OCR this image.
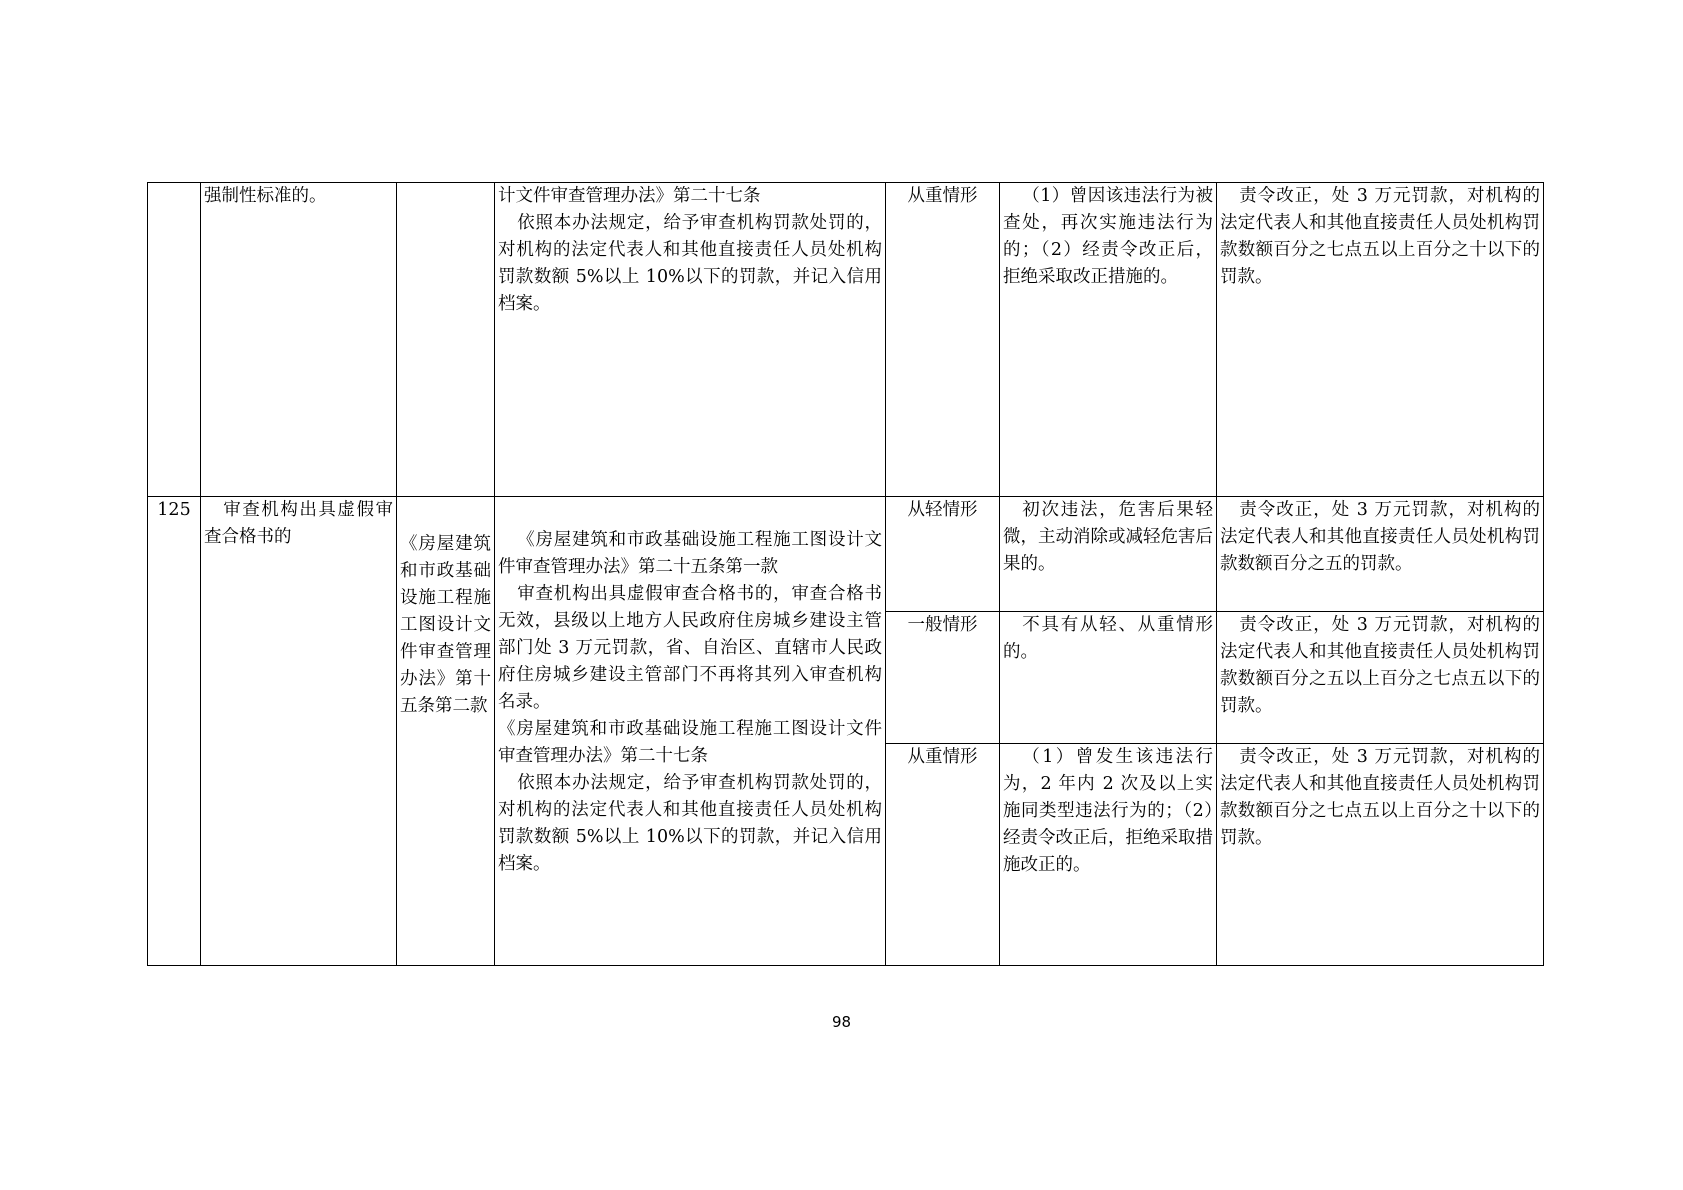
	强制性标准的。		计文件审查管理办法》第二十七条
依照本办法规定，给予审查机构罚款处罚的，对机构的法定代表人和其他直接责任人员处机构罚款数额 5%以上 10%以下的罚款，并记入信用档案。	从重情形	（1）曾因该违法行为被查处，再次实施违法行为的；（2）经责令改正后，拒绝采取改正措施的。	责令改正，处 3 万元罚款，对机构的法定代表人和其他直接责任人员处机构罚款数额百分之七点五以上百分之十以下的罚款。

125	审查机构出具虚假审查合格书的	《房屋建筑和市政基础设施工程施工图设计文件审查管理办法》第十五条第二款	《房屋建筑和市政基础设施工程施工图设计文件审查管理办法》第二十五条第一款
审查机构出具虚假审查合格书的，审查合格书无效，县级以上地方人民政府住房城乡建设主管部门处 3 万元罚款，省、自治区、直辖市人民政府住房城乡建设主管部门不再将其列入审查机构名录。
《房屋建筑和市政基础设施工程施工图设计文件审查管理办法》第二十七条
依照本办法规定，给予审查机构罚款处罚的，对机构的法定代表人和其他直接责任人员处机构罚款数额 5%以上 10%以下的罚款，并记入信用档案。	从轻情形	初次违法，危害后果轻微，主动消除或减轻危害后果的。	责令改正，处 3 万元罚款，对机构的法定代表人和其他直接责任人员处机构罚款数额百分之五的罚款。

				一般情形	不具有从轻、从重情形的。	责令改正，处 3 万元罚款，对机构的法定代表人和其他直接责任人员处机构罚款数额百分之五以上百分之七点五以下的罚款。

				从重情形	（1）曾发生该违法行为，2 年内 2 次及以上实施同类型违法行为的；（2）经责令改正后，拒绝采取措施改正的。	责令改正，处 3 万元罚款，对机构的法定代表人和其他直接责任人员处机构罚款数额百分之七点五以上百分之十以下的罚款。
98
